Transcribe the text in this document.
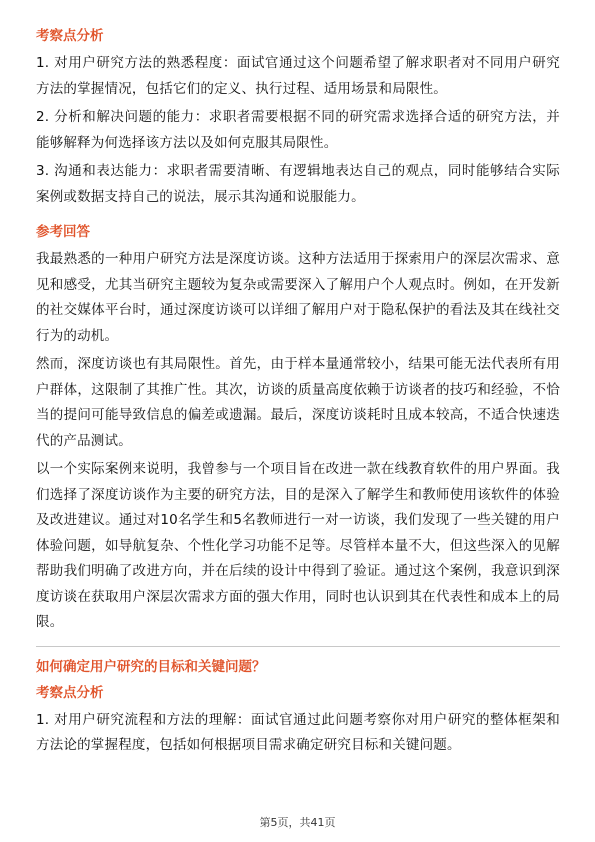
考察点分析

1. 对用户研究方法的熟悉程度：面试官通过这个问题希望了解求职者对不同用户研究方法的掌握情况，包括它们的定义、执行过程、适用场景和局限性。

2. 分析和解决问题的能力：求职者需要根据不同的研究需求选择合适的研究方法，并能够解释为何选择该方法以及如何克服其局限性。

3. 沟通和表达能力：求职者需要清晰、有逻辑地表达自己的观点，同时能够结合实际案例或数据支持自己的说法，展示其沟通和说服能力。

参考回答

我最熟悉的一种用户研究方法是深度访谈。这种方法适用于探索用户的深层次需求、意见和感受，尤其当研究主题较为复杂或需要深入了解用户个人观点时。例如，在开发新的社交媒体平台时，通过深度访谈可以详细了解用户对于隐私保护的看法及其在线社交行为的动机。

然而，深度访谈也有其局限性。首先，由于样本量通常较小，结果可能无法代表所有用户群体，这限制了其推广性。其次，访谈的质量高度依赖于访谈者的技巧和经验，不恰当的提问可能导致信息的偏差或遗漏。最后，深度访谈耗时且成本较高，不适合快速迭代的产品测试。

以一个实际案例来说明，我曾参与一个项目旨在改进一款在线教育软件的用户界面。我们选择了深度访谈作为主要的研究方法，目的是深入了解学生和教师使用该软件的体验及改进建议。通过对10名学生和5名教师进行一对一访谈，我们发现了一些关键的用户体验问题，如导航复杂、个性化学习功能不足等。尽管样本量不大，但这些深入的见解帮助我们明确了改进方向，并在后续的设计中得到了验证。通过这个案例，我意识到深度访谈在获取用户深层次需求方面的强大作用，同时也认识到其在代表性和成本上的局限。

如何确定用户研究的目标和关键问题？
考察点分析

1. 对用户研究流程和方法的理解：面试官通过此问题考察你对用户研究的整体框架和方法论的掌握程度，包括如何根据项目需求确定研究目标和关键问题。

第5页，共41页
